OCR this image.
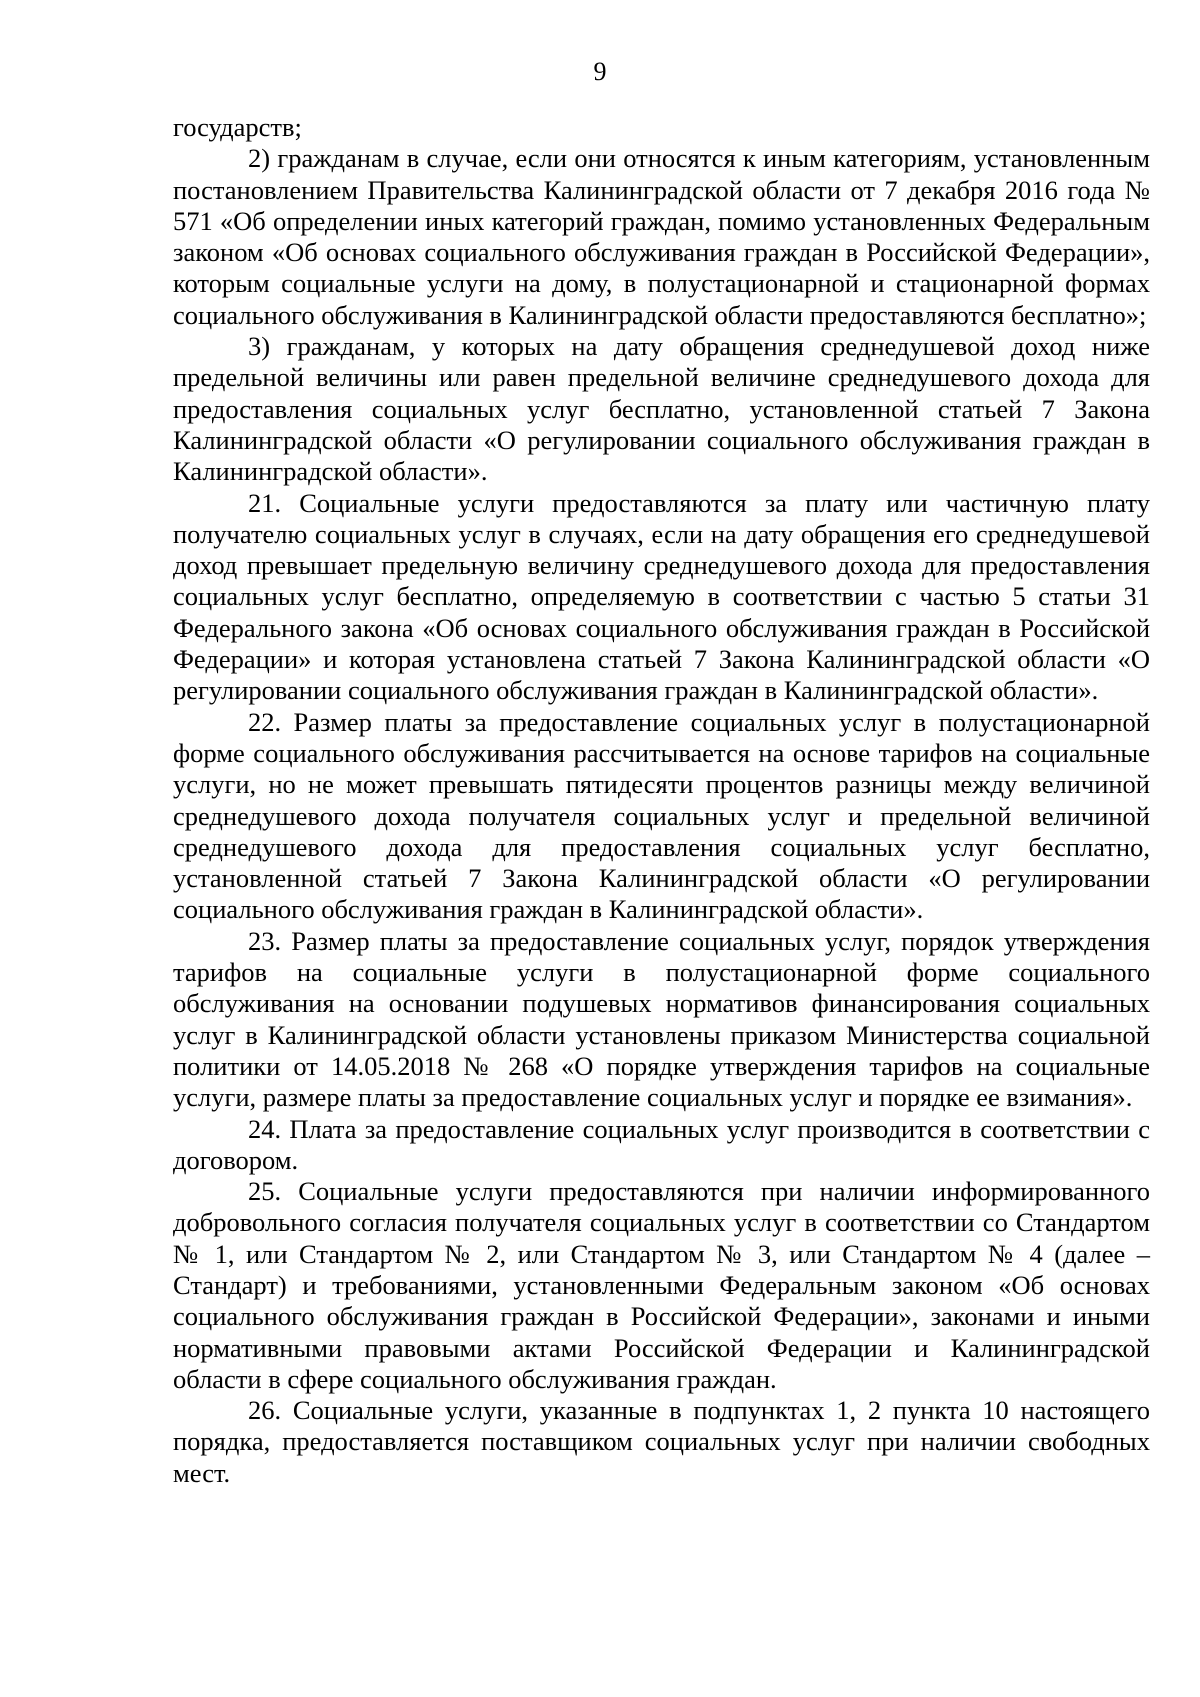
9

государств;

2) гражданам в случае, если они относятся к иным категориям, установленным постановлением Правительства Калининградской области от 7 декабря 2016 года № 571 «Об определении иных категорий граждан, помимо установленных Федеральным законом «Об основах социального обслуживания граждан в Российской Федерации», которым социальные услуги на дому, в полустационарной и стационарной формах социального обслуживания в Калининградской области предоставляются бесплатно»;

3) гражданам, у которых на дату обращения среднедушевой доход ниже предельной величины или равен предельной величине среднедушевого дохода для предоставления социальных услуг бесплатно, установленной статьей 7 Закона Калининградской области «О регулировании социального обслуживания граждан в Калининградской области».

21. Социальные услуги предоставляются за плату или частичную плату получателю социальных услуг в случаях, если на дату обращения его среднедушевой доход превышает предельную величину среднедушевого дохода для предоставления социальных услуг бесплатно, определяемую в соответствии с частью 5 статьи 31 Федерального закона «Об основах социального обслуживания граждан в Российской Федерации» и которая установлена статьей 7 Закона Калининградской области «О регулировании социального обслуживания граждан в Калининградской области».

22. Размер платы за предоставление социальных услуг в полустационарной форме социального обслуживания рассчитывается на основе тарифов на социальные услуги, но не может превышать пятидесяти процентов разницы между величиной среднедушевого дохода получателя социальных услуг и предельной величиной среднедушевого дохода для предоставления социальных услуг бесплатно, установленной статьей 7 Закона Калининградской области «О регулировании социального обслуживания граждан в Калининградской области».

23. Размер платы за предоставление социальных услуг, порядок утверждения тарифов на социальные услуги в полустационарной форме социального обслуживания на основании подушевых нормативов финансирования социальных услуг в Калининградской области установлены приказом Министерства социальной политики от 14.05.2018 № 268 «О порядке утверждения тарифов на социальные услуги, размере платы за предоставление социальных услуг и порядке ее взимания».

24. Плата за предоставление социальных услуг производится в соответствии с договором.

25. Социальные услуги предоставляются при наличии информированного добровольного согласия получателя социальных услуг в соответствии со Стандартом № 1, или Стандартом № 2, или Стандартом № 3, или Стандартом № 4 (далее – Стандарт) и требованиями, установленными Федеральным законом «Об основах социального обслуживания граждан в Российской Федерации», законами и иными нормативными правовыми актами Российской Федерации и Калининградской области в сфере социального обслуживания граждан.

26. Социальные услуги, указанные в подпунктах 1, 2 пункта 10 настоящего порядка, предоставляется поставщиком социальных услуг при наличии свободных мест.
